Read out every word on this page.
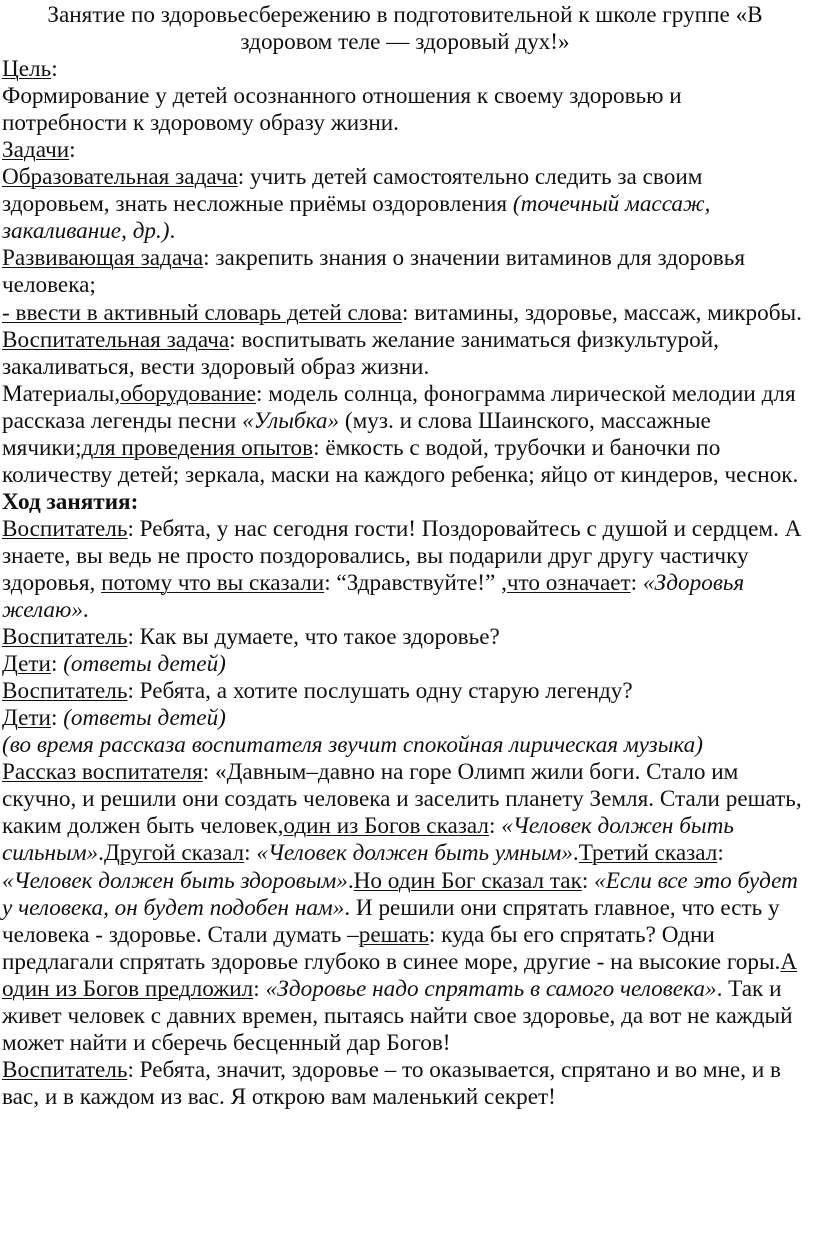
Занятие по здоровьесбережению в подготовительной к школе группе «В здоровом теле — здоровый дух!»

Цель:

Формирование у детей осознанного отношения к своему здоровью и потребности к здоровому образу жизни.

Задачи:

Образовательная задача: учить детей самостоятельно следить за своим здоровьем, знать несложные приёмы оздоровления (точечный массаж, закаливание, др.).

Развивающая задача: закрепить знания о значении витаминов для здоровья человека;

- ввести в активный словарь детей слова: витамины, здоровье, массаж, микробы.

Воспитательная задача: воспитывать желание заниматься физкультурой, закаливаться, вести здоровый образ жизни.

Материалы,оборудование: модель солнца, фонограмма лирической мелодии для рассказа легенды песни «Улыбка» (муз. и слова Шаинского, массажные мячики;для проведения опытов: ёмкость с водой, трубочки и баночки по количеству детей; зеркала, маски на каждого ребенка; яйцо от киндеров, чеснок.

Ход занятия:

Воспитатель: Ребята, у нас сегодня гости! Поздоровайтесь с душой и сердцем. А знаете, вы ведь не просто поздоровались, вы подарили друг другу частичку здоровья, потому что вы сказали: “Здравствуйте!” ,что означает: «Здоровья желаю».

Воспитатель: Как вы думаете, что такое здоровье?

Дети: (ответы детей)

Воспитатель: Ребята, а хотите послушать одну старую легенду?

Дети: (ответы детей)

(во время рассказа воспитателя звучит спокойная лирическая музыка)

Рассказ воспитателя: «Давным–давно на горе Олимп жили боги. Стало им скучно, и решили они создать человека и заселить планету Земля. Стали решать, каким должен быть человек,один из Богов сказал: «Человек должен быть сильным».Другой сказал: «Человек должен быть умным».Третий сказал: «Человек должен быть здоровым».Но один Бог сказал так: «Если все это будет у человека, он будет подобен нам». И решили они спрятать главное, что есть у человека - здоровье. Стали думать –решать: куда бы его спрятать? Одни предлагали спрятать здоровье глубоко в синее море, другие - на высокие горы.А один из Богов предложил: «Здоровье надо спрятать в самого человека». Так и живет человек с давних времен, пытаясь найти свое здоровье, да вот не каждый может найти и сберечь бесценный дар Богов!

Воспитатель: Ребята, значит, здоровье – то оказывается, спрятано и во мне, и в вас, и в каждом из вас. Я открою вам маленький секрет!
